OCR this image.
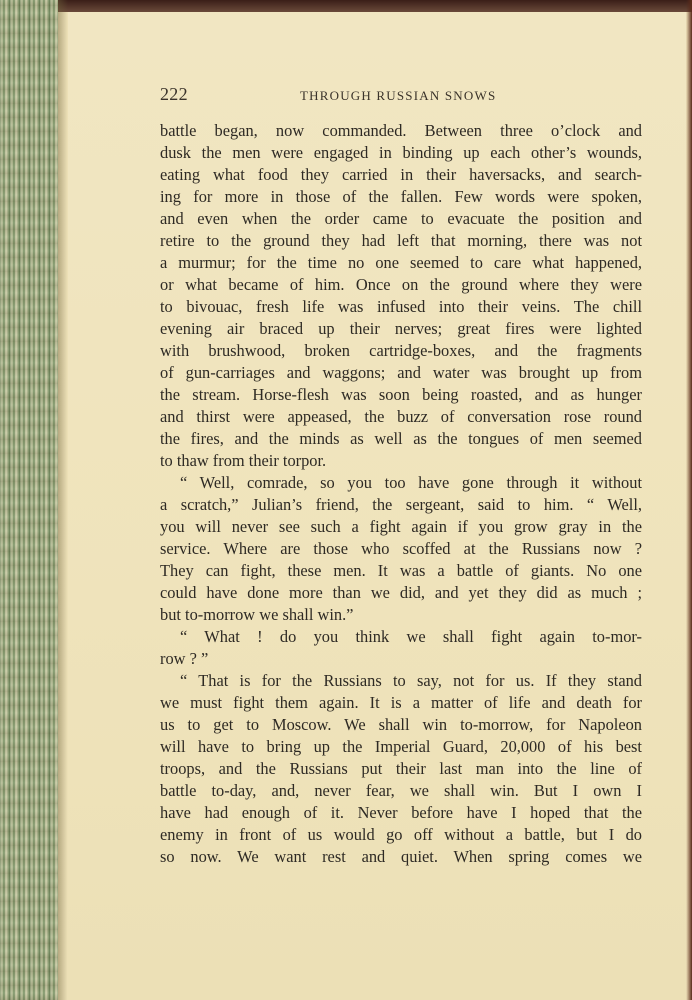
222	THROUGH RUSSIAN SNOWS
battle began, now commanded. Between three o’clock and
dusk the men were engaged in binding up each other’s wounds,
eating what food they carried in their haversacks, and search-
ing for more in those of the fallen. Few words were spoken,
and even when the order came to evacuate the position and
retire to the ground they had left that morning, there was not
a murmur; for the time no one seemed to care what happened,
or what became of him. Once on the ground where they were
to bivouac, fresh life was infused into their veins. The chill
evening air braced up their nerves; great fires were lighted
with brushwood, broken cartridge-boxes, and the fragments
of gun-carriages and waggons; and water was brought up from
the stream. Horse-flesh was soon being roasted, and as hunger
and thirst were appeased, the buzz of conversation rose round
the fires, and the minds as well as the tongues of men seemed
to thaw from their torpor.
“ Well, comrade, so you too have gone through it without
a scratch,” Julian’s friend, the sergeant, said to him. “ Well,
you will never see such a fight again if you grow gray in the
service. Where are those who scoffed at the Russians now ?
They can fight, these men. It was a battle of giants. No one
could have done more than we did, and yet they did as much ;
but to-morrow we shall win.”
“ What ! do you think we shall fight again to-mor-
row ? ”
“ That is for the Russians to say, not for us. If they stand
we must fight them again. It is a matter of life and death for
us to get to Moscow. We shall win to-morrow, for Napoleon
will have to bring up the Imperial Guard, 20,000 of his best
troops, and the Russians put their last man into the line of
battle to-day, and, never fear, we shall win. But I own I
have had enough of it. Never before have I hoped that the
enemy in front of us would go off without a battle, but I do
so now. We want rest and quiet. When spring comes we
